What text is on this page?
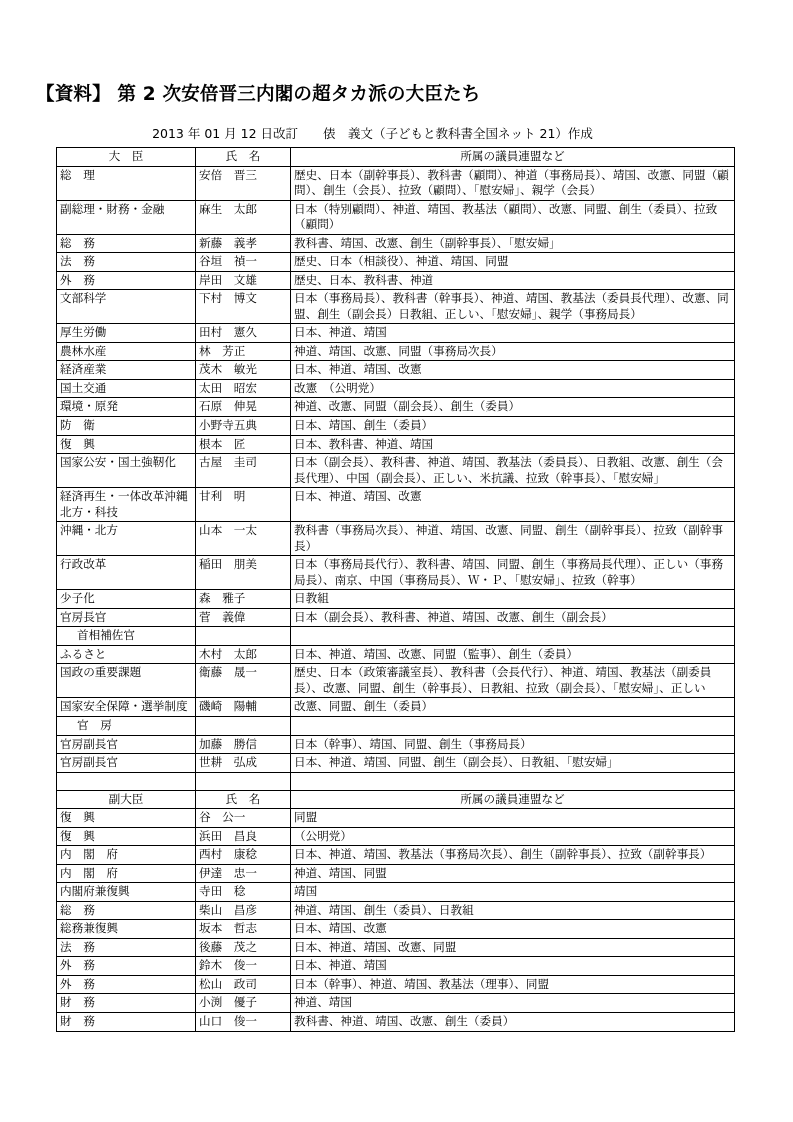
【資料】 第 2 次安倍晋三内閣の超タカ派の大臣たち
2013 年 01 月 12 日改訂　　俵　義文（子どもと教科書全国ネット 21）作成
大　臣	氏　名	所属の議員連盟など
総　理	安倍　晋三	歴史、日本（副幹事長）、教科書（顧問）、神道（事務局長）、靖国、改憲、同盟（顧問）、創生（会長）、拉致（顧問）、「慰安婦」、親学（会長）
副総理・財務・金融	麻生　太郎	日本（特別顧問）、神道、靖国、教基法（顧問）、改憲、同盟、創生（委員）、拉致（顧問）
総　務	新藤　義孝	教科書、靖国、改憲、創生（副幹事長）、「慰安婦」
法　務	谷垣　禎一	歴史、日本（相談役）、神道、靖国、同盟
外　務	岸田　文雄	歴史、日本、教科書、神道
文部科学	下村　博文	日本（事務局長）、教科書（幹事長）、神道、靖国、教基法（委員長代理）、改憲、同盟、創生（副会長）日教組、正しい、「慰安婦」、親学（事務局長）
厚生労働	田村　憲久	日本、神道、靖国
農林水産	林　芳正	神道、靖国、改憲、同盟（事務局次長）
経済産業	茂木　敏光	日本、神道、靖国、改憲
国土交通	太田　昭宏	改憲　（公明党）
環境・原発	石原　伸晃	神道、改憲、同盟（副会長）、創生（委員）
防　衛	小野寺五典	日本、靖国、創生（委員）
復　興	根本　匠	日本、教科書、神道、靖国
国家公安・国土強靭化	古屋　圭司	日本（副会長）、教科書、神道、靖国、教基法（委員長）、日教組、改憲、創生（会長代理）、中国（副会長）、正しい、米抗議、拉致（幹事長）、「慰安婦」
経済再生・一体改革沖縄北方・科技	甘利　明	日本、神道、靖国、改憲
沖縄・北方	山本　一太	教科書（事務局次長）、神道、靖国、改憲、同盟、創生（副幹事長）、拉致（副幹事長）
行政改革	稲田　朋美	日本（事務局長代行）、教科書、靖国、同盟、創生（事務局長代理）、正しい（事務局長）、南京、中国（事務局長）、Ｗ・Ｐ、「慰安婦」、拉致（幹事）
少子化	森　雅子	日教組
官房長官	菅　義偉	日本（副会長）、教科書、神道、靖国、改憲、創生（副会長）
首相補佐官		
ふるさと	木村　太郎	日本、神道、靖国、改憲、同盟（監事）、創生（委員）
国政の重要課題	衛藤　晟一	歴史、日本（政策審議室長）、教科書（会長代行）、神道、靖国、教基法（副委員長）、改憲、同盟、創生（幹事長）、日教組、拉致（副会長）、「慰安婦」、正しい
国家安全保障・選挙制度	磯崎　陽輔	改憲、同盟、創生（委員）
官　房		
官房副長官	加藤　勝信	日本（幹事）、靖国、同盟、創生（事務局長）
官房副長官	世耕　弘成	日本、神道、靖国、同盟、創生（副会長）、日教組、「慰安婦」

副大臣	氏　名	所属の議員連盟など
復　興	谷　公一	同盟
復　興	浜田　昌良	（公明党）
内　閣　府	西村　康稔	日本、神道、靖国、教基法（事務局次長）、創生（副幹事長）、拉致（副幹事長）
内　閣　府	伊達　忠一	神道、靖国、同盟
内閣府兼復興	寺田　稔	靖国
総　務	柴山　昌彦	神道、靖国、創生（委員）、日教組
総務兼復興	坂本　哲志	日本、靖国、改憲
法　務	後藤　茂之	日本、神道、靖国、改憲、同盟
外　務	鈴木　俊一	日本、神道、靖国
外　務	松山　政司	日本（幹事）、神道、靖国、教基法（理事）、同盟
財　務	小渕　優子	神道、靖国
財　務	山口　俊一	教科書、神道、靖国、改憲、創生（委員）
